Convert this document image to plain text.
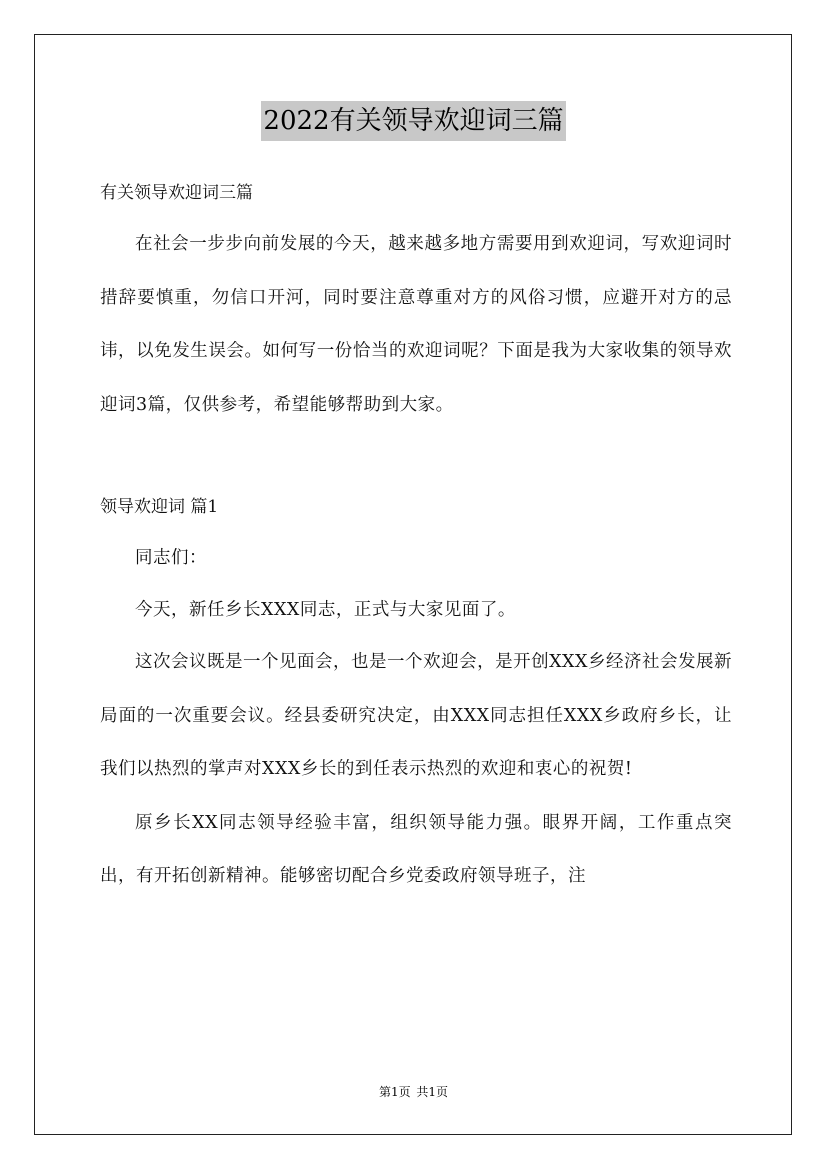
2022有关领导欢迎词三篇

有关领导欢迎词三篇

在社会一步步向前发展的今天，越来越多地方需要用到欢迎词，写欢迎词时措辞要慎重，勿信口开河，同时要注意尊重对方的风俗习惯，应避开对方的忌讳，以免发生误会。如何写一份恰当的欢迎词呢？下面是我为大家收集的领导欢迎词3篇，仅供参考，希望能够帮助到大家。

领导欢迎词 篇1

同志们：

今天，新任乡长XXX同志，正式与大家见面了。

这次会议既是一个见面会，也是一个欢迎会，是开创XXX乡经济社会发展新局面的一次重要会议。经县委研究决定，由XXX同志担任XXX乡政府乡长，让我们以热烈的掌声对XXX乡长的到任表示热烈的欢迎和衷心的祝贺!

原乡长XX同志领导经验丰富，组织领导能力强。眼界开阔，工作重点突出，有开拓创新精神。能够密切配合乡党委政府领导班子，注

第1页 共1页
